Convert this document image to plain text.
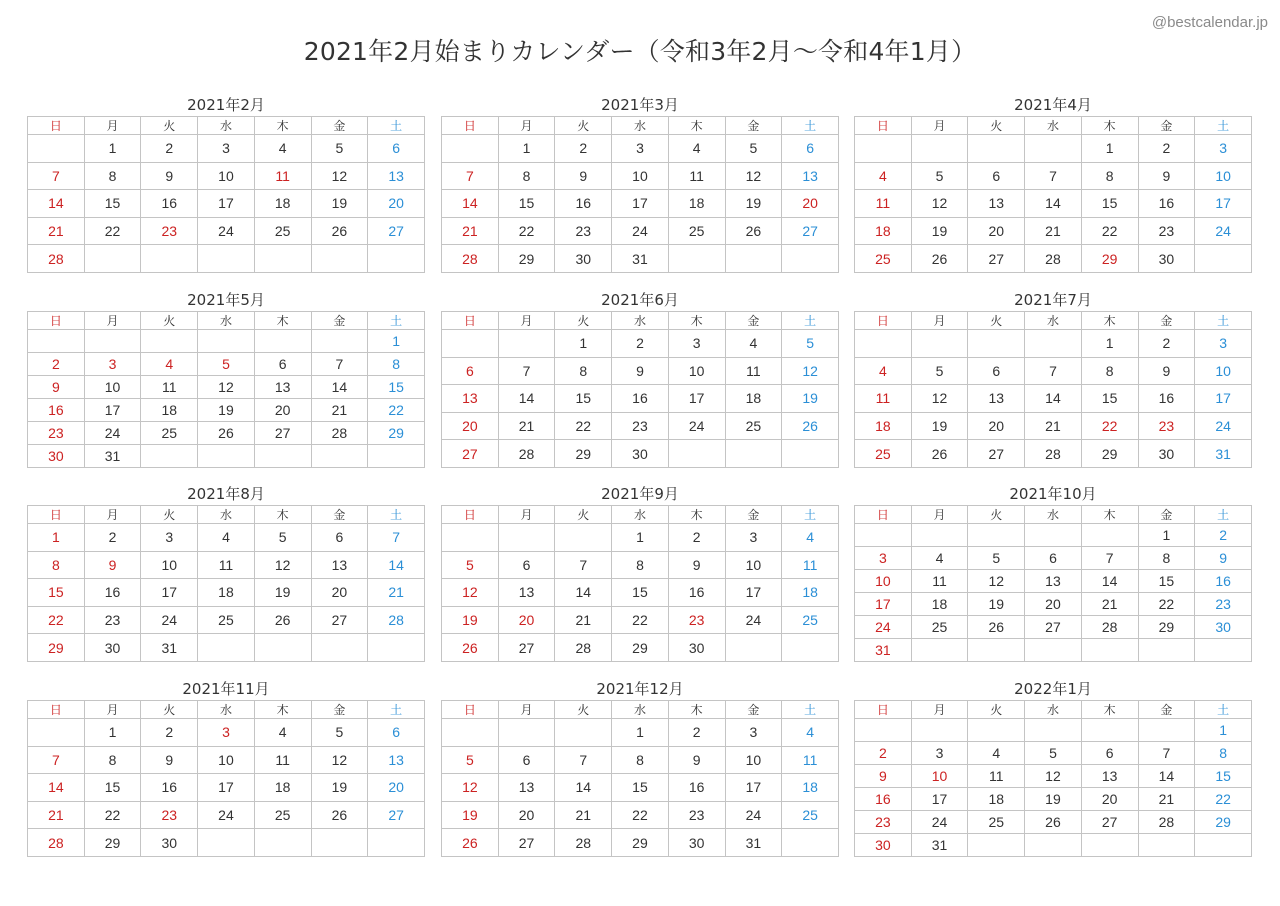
@bestcalendar.jp
2021年2月始まりカレンダー（令和3年2月〜令和4年1月）
2021年2月
日	月	火	水	木	金	土
	1	2	3	4	5	6
7	8	9	10	11	12	13
14	15	16	17	18	19	20
21	22	23	24	25	26	27
28						
2021年3月
日	月	火	水	木	金	土
	1	2	3	4	5	6
7	8	9	10	11	12	13
14	15	16	17	18	19	20
21	22	23	24	25	26	27
28	29	30	31			
2021年4月
日	月	火	水	木	金	土
				1	2	3
4	5	6	7	8	9	10
11	12	13	14	15	16	17
18	19	20	21	22	23	24
25	26	27	28	29	30	
2021年5月
日	月	火	水	木	金	土
						1
2	3	4	5	6	7	8
9	10	11	12	13	14	15
16	17	18	19	20	21	22
23	24	25	26	27	28	29
30	31					
2021年6月
日	月	火	水	木	金	土
		1	2	3	4	5
6	7	8	9	10	11	12
13	14	15	16	17	18	19
20	21	22	23	24	25	26
27	28	29	30			
2021年7月
日	月	火	水	木	金	土
				1	2	3
4	5	6	7	8	9	10
11	12	13	14	15	16	17
18	19	20	21	22	23	24
25	26	27	28	29	30	31
2021年8月
日	月	火	水	木	金	土
1	2	3	4	5	6	7
8	9	10	11	12	13	14
15	16	17	18	19	20	21
22	23	24	25	26	27	28
29	30	31				
2021年9月
日	月	火	水	木	金	土
			1	2	3	4
5	6	7	8	9	10	11
12	13	14	15	16	17	18
19	20	21	22	23	24	25
26	27	28	29	30		
2021年10月
日	月	火	水	木	金	土
					1	2
3	4	5	6	7	8	9
10	11	12	13	14	15	16
17	18	19	20	21	22	23
24	25	26	27	28	29	30
31						
2021年11月
日	月	火	水	木	金	土
	1	2	3	4	5	6
7	8	9	10	11	12	13
14	15	16	17	18	19	20
21	22	23	24	25	26	27
28	29	30				
2021年12月
日	月	火	水	木	金	土
			1	2	3	4
5	6	7	8	9	10	11
12	13	14	15	16	17	18
19	20	21	22	23	24	25
26	27	28	29	30	31	
2022年1月
日	月	火	水	木	金	土
						1
2	3	4	5	6	7	8
9	10	11	12	13	14	15
16	17	18	19	20	21	22
23	24	25	26	27	28	29
30	31					
